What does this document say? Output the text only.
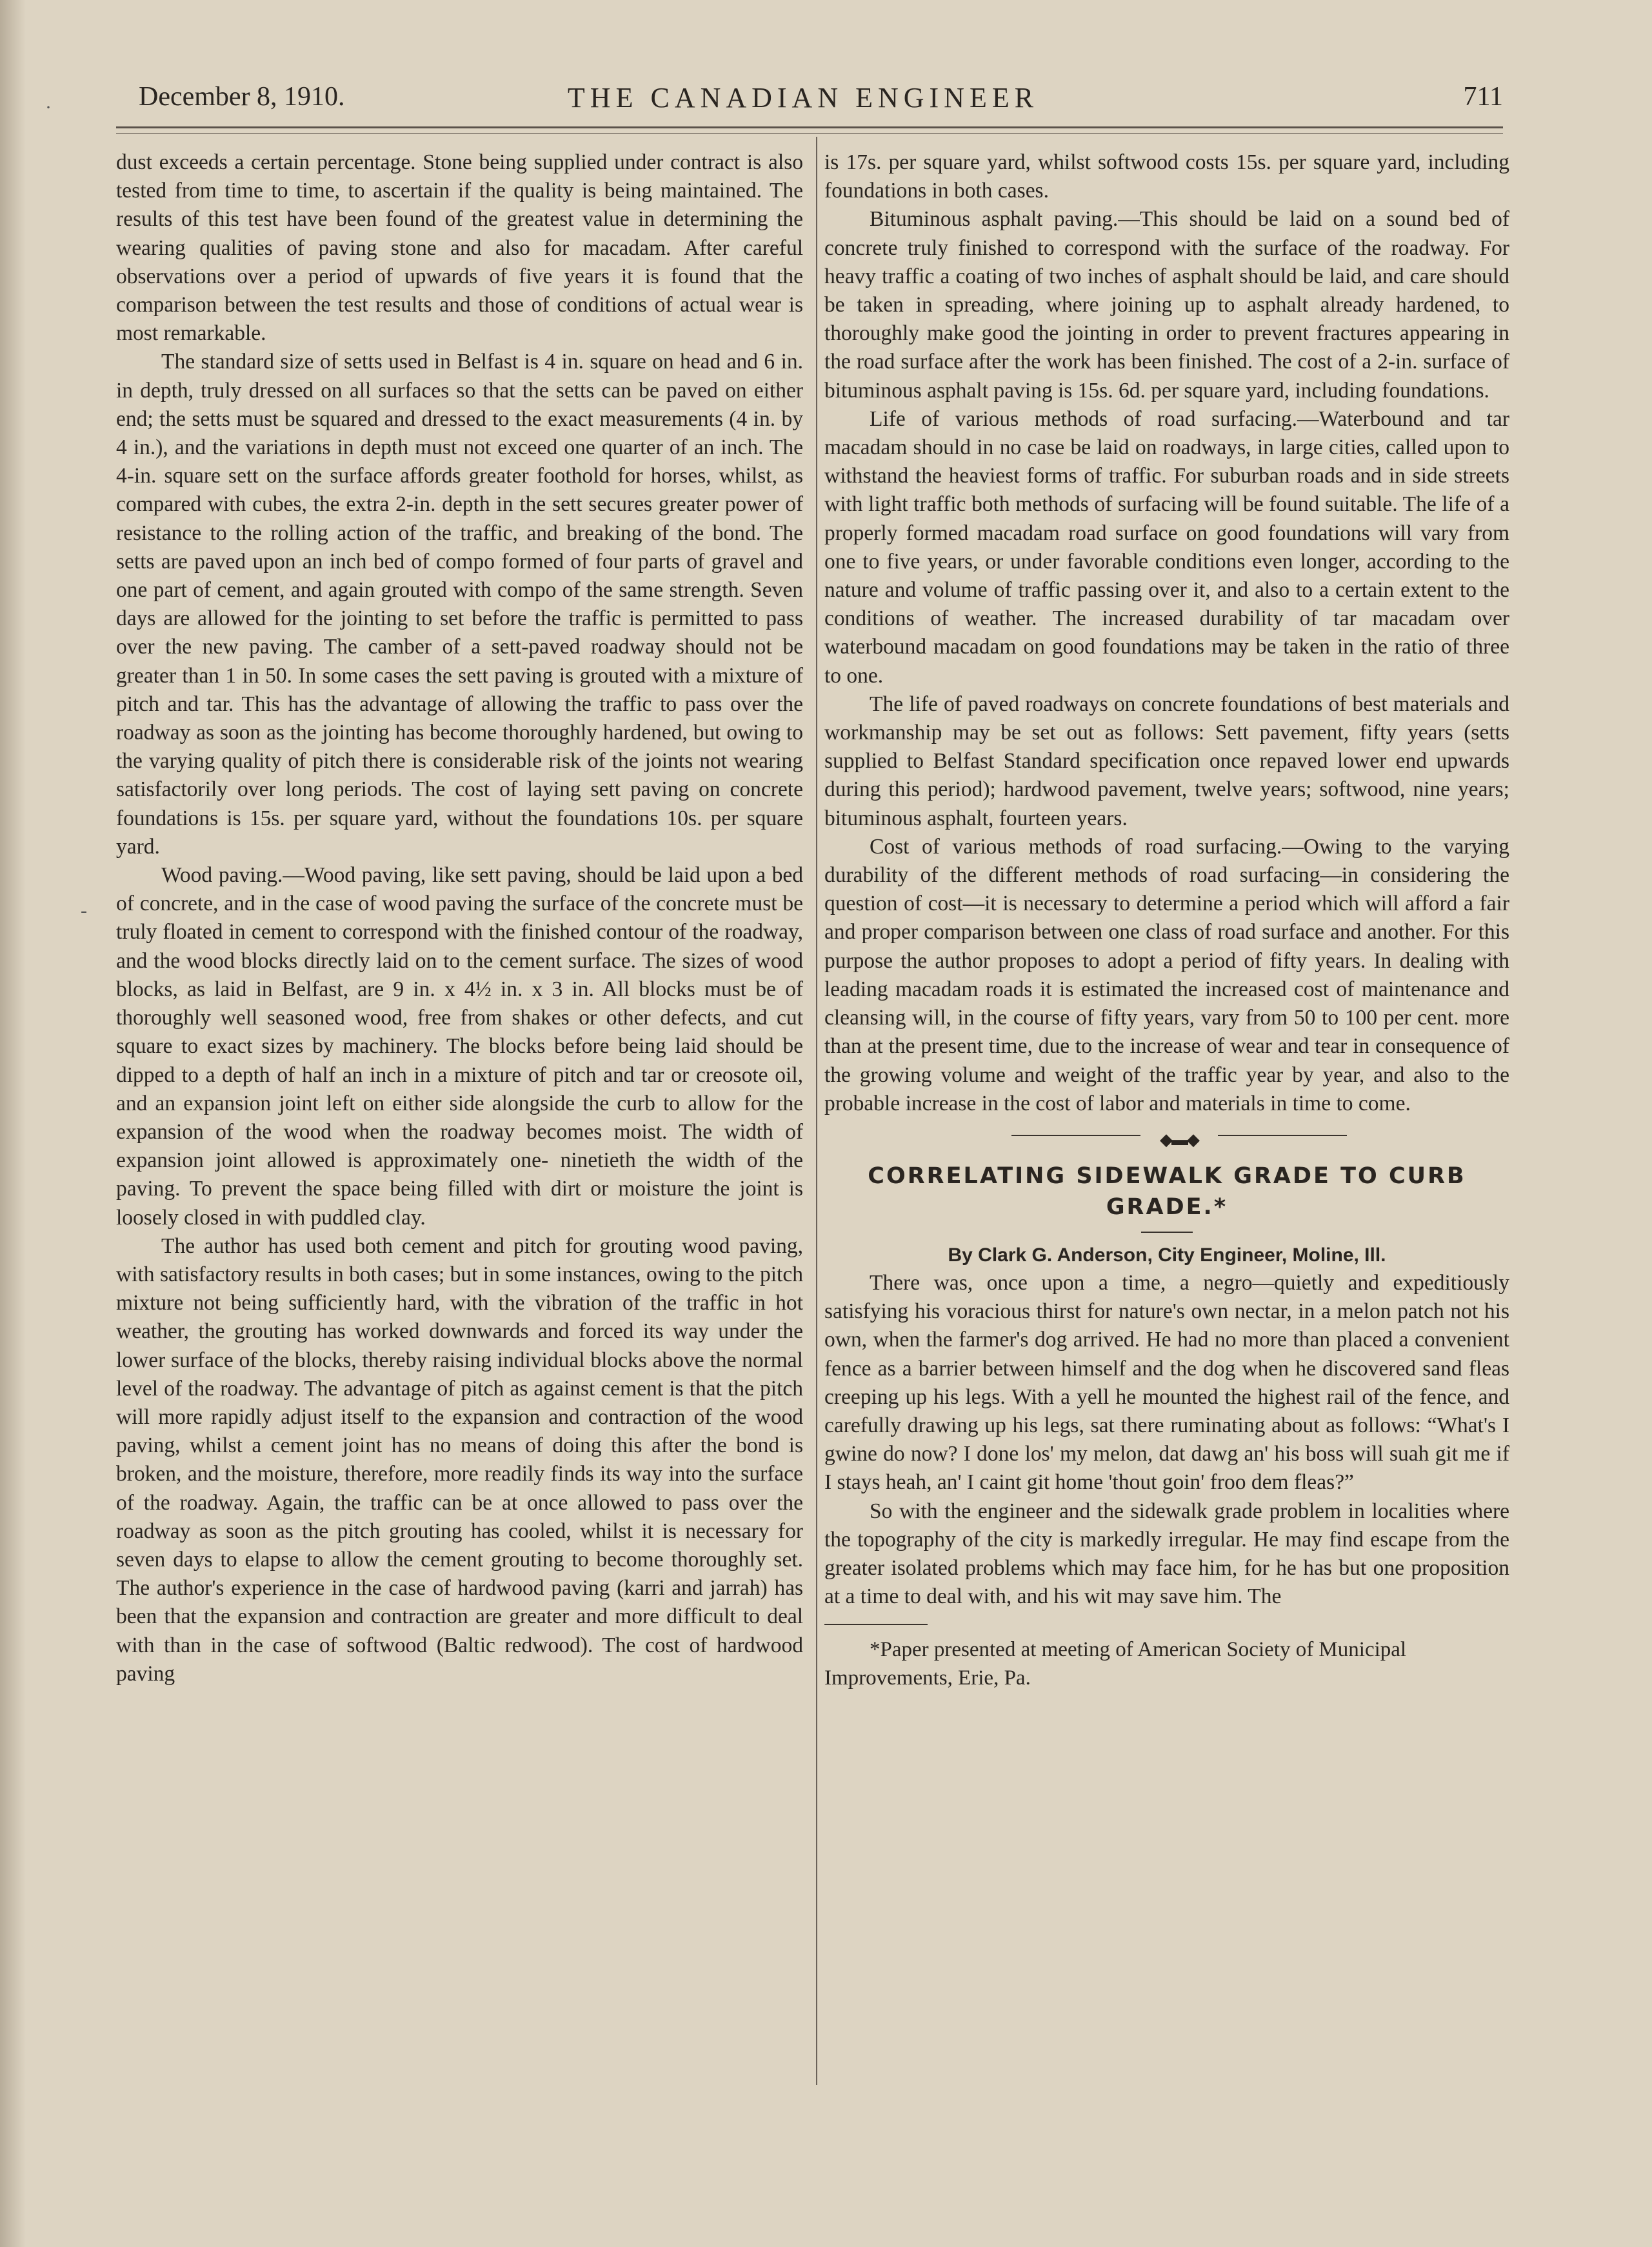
·
-
December 8, 1910.	THE CANADIAN ENGINEER	711

dust exceeds a certain percentage. Stone being supplied under contract is also tested from time to time, to ascertain if the quality is being maintained. The results of this test have been found of the greatest value in determining the wearing qualities of paving stone and also for macadam. After careful observations over a period of upwards of five years it is found that the comparison between the test results and those of conditions of actual wear is most remarkable.

The standard size of setts used in Belfast is 4 in. square on head and 6 in. in depth, truly dressed on all surfaces so that the setts can be paved on either end; the setts must be squared and dressed to the exact measurements (4 in. by 4 in.), and the variations in depth must not exceed one quarter of an inch. The 4-in. square sett on the surface affords greater foothold for horses, whilst, as compared with cubes, the extra 2-in. depth in the sett secures greater power of resistance to the rolling action of the traffic, and breaking of the bond. The setts are paved upon an inch bed of compo formed of four parts of gravel and one part of cement, and again grouted with compo of the same strength. Seven days are allowed for the jointing to set before the traffic is permitted to pass over the new paving. The camber of a sett-paved roadway should not be greater than 1 in 50. In some cases the sett paving is grouted with a mixture of pitch and tar. This has the advantage of allowing the traffic to pass over the roadway as soon as the jointing has become thoroughly hardened, but owing to the varying quality of pitch there is considerable risk of the joints not wearing satisfactorily over long periods. The cost of laying sett paving on concrete foundations is 15s. per square yard, without the foundations 10s. per square yard.

Wood paving.—Wood paving, like sett paving, should be laid upon a bed of concrete, and in the case of wood paving the surface of the concrete must be truly floated in cement to correspond with the finished contour of the roadway, and the wood blocks directly laid on to the cement surface. The sizes of wood blocks, as laid in Belfast, are 9 in. x 4½ in. x 3 in. All blocks must be of thoroughly well seasoned wood, free from shakes or other defects, and cut square to exact sizes by machinery. The blocks before being laid should be dipped to a depth of half an inch in a mixture of pitch and tar or creosote oil, and an expansion joint left on either side alongside the curb to allow for the expansion of the wood when the roadway becomes moist. The width of expansion joint allowed is approximately one- ninetieth the width of the paving. To prevent the space being filled with dirt or moisture the joint is loosely closed in with puddled clay.

The author has used both cement and pitch for grouting wood paving, with satisfactory results in both cases; but in some instances, owing to the pitch mixture not being sufficiently hard, with the vibration of the traffic in hot weather, the grouting has worked downwards and forced its way under the lower surface of the blocks, thereby raising individual blocks above the normal level of the roadway. The advantage of pitch as against cement is that the pitch will more rapidly adjust itself to the expansion and contraction of the wood paving, whilst a cement joint has no means of doing this after the bond is broken, and the moisture, therefore, more readily finds its way into the surface of the roadway. Again, the traffic can be at once allowed to pass over the roadway as soon as the pitch grouting has cooled, whilst it is necessary for seven days to elapse to allow the cement grouting to become thoroughly set. The author's experience in the case of hardwood paving (karri and jarrah) has been that the expansion and contraction are greater and more difficult to deal with than in the case of softwood (Baltic redwood). The cost of hardwood paving

is 17s. per square yard, whilst softwood costs 15s. per square yard, including foundations in both cases.

Bituminous asphalt paving.—This should be laid on a sound bed of concrete truly finished to correspond with the surface of the roadway. For heavy traffic a coating of two inches of asphalt should be laid, and care should be taken in spreading, where joining up to asphalt already hardened, to thoroughly make good the jointing in order to prevent fractures appearing in the road surface after the work has been finished. The cost of a 2-in. surface of bituminous asphalt paving is 15s. 6d. per square yard, including foundations.

Life of various methods of road surfacing.—Waterbound and tar macadam should in no case be laid on roadways, in large cities, called upon to withstand the heaviest forms of traffic. For suburban roads and in side streets with light traffic both methods of surfacing will be found suitable. The life of a properly formed macadam road surface on good foundations will vary from one to five years, or under favorable conditions even longer, according to the nature and volume of traffic passing over it, and also to a certain extent to the conditions of weather. The increased durability of tar macadam over waterbound macadam on good foundations may be taken in the ratio of three to one.

The life of paved roadways on concrete foundations of best materials and workmanship may be set out as follows: Sett pavement, fifty years (setts supplied to Belfast Standard specification once repaved lower end upwards during this period); hardwood pavement, twelve years; softwood, nine years; bituminous asphalt, fourteen years.

Cost of various methods of road surfacing.—Owing to the varying durability of the different methods of road surfacing—in considering the question of cost—it is necessary to determine a period which will afford a fair and proper comparison between one class of road surface and another. For this purpose the author proposes to adopt a period of fifty years. In dealing with leading macadam roads it is estimated the increased cost of maintenance and cleansing will, in the course of fifty years, vary from 50 to 100 per cent. more than at the present time, due to the increase of wear and tear in consequence of the growing volume and weight of the traffic year by year, and also to the probable increase in the cost of labor and materials in time to come.

◆▬◆

CORRELATING SIDEWALK GRADE TO CURB GRADE.*

By Clark G. Anderson, City Engineer, Moline, Ill.

There was, once upon a time, a negro—quietly and expeditiously satisfying his voracious thirst for nature's own nectar, in a melon patch not his own, when the farmer's dog arrived. He had no more than placed a convenient fence as a barrier between himself and the dog when he discovered sand fleas creeping up his legs. With a yell he mounted the highest rail of the fence, and carefully drawing up his legs, sat there ruminating about as follows: “What's I gwine do now? I done los' my melon, dat dawg an' his boss will suah git me if I stays heah, an' I caint git home 'thout goin' froo dem fleas?”

So with the engineer and the sidewalk grade problem in localities where the topography of the city is markedly irregular. He may find escape from the greater isolated problems which may face him, for he has but one proposition at a time to deal with, and his wit may save him. The

*Paper presented at meeting of American Society of Municipal Improvements, Erie, Pa.
